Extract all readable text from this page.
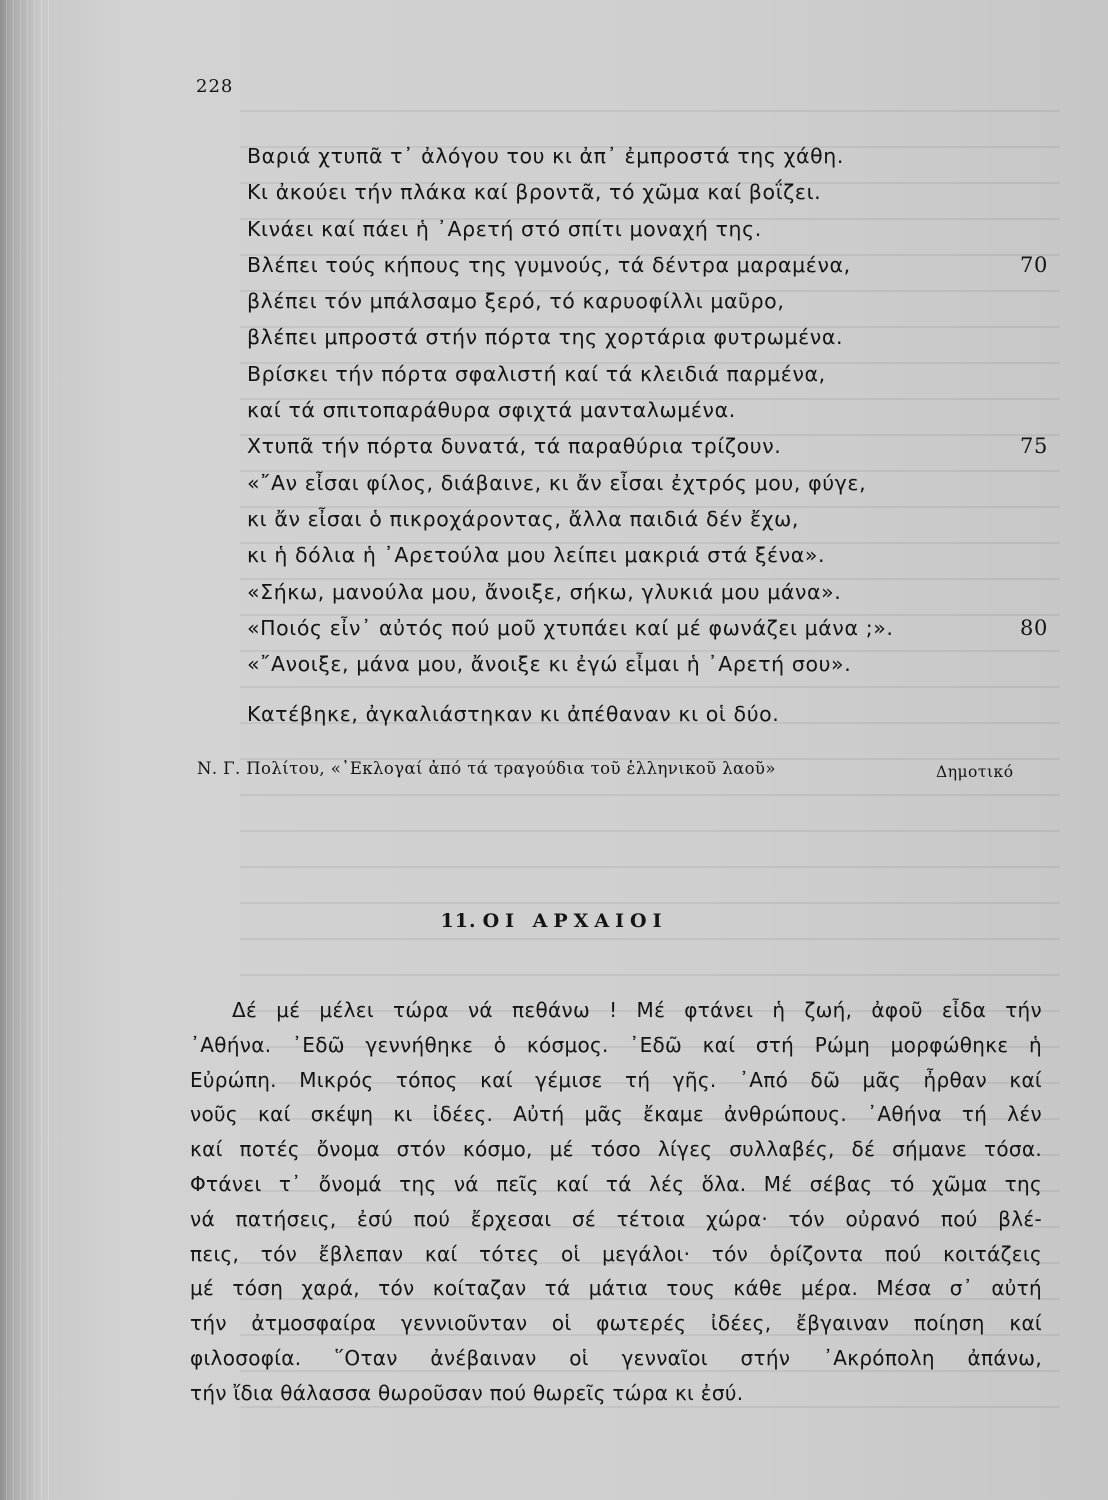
228
Βαριά χτυπᾶ τ᾽ ἀλόγου του κι ἀπ᾽ ἐμπροστά της χάθη.
Κι ἀκούει τήν πλάκα καί βροντᾶ, τό χῶμα καί βοΐζει.
Κινάει καί πάει ἡ ᾽Αρετή στό σπίτι μοναχή της.
Βλέπει τούς κήπους της γυμνούς, τά δέντρα μαραμένα,	70
βλέπει τόν μπάλσαμο ξερό, τό καρυοφίλλι μαῦρο,
βλέπει μπροστά στήν πόρτα της χορτάρια φυτρωμένα.
Βρίσκει τήν πόρτα σφαλιστή καί τά κλειδιά παρμένα,
καί τά σπιτοπαράθυρα σφιχτά μανταλωμένα.
Χτυπᾶ τήν πόρτα δυνατά, τά παραθύρια τρίζουν.	75
«῎Αν εἶσαι φίλος, διάβαινε, κι ἄν εἶσαι ἐχτρός μου, φύγε,
κι ἄν εἶσαι ὁ πικροχάροντας, ἄλλα παιδιά δέν ἔχω,
κι ἡ δόλια ἡ ᾽Αρετούλα μου λείπει μακριά στά ξένα».
«Σήκω, μανούλα μου, ἄνοιξε, σήκω, γλυκιά μου μάνα».
«Ποιός εἶν᾽ αὐτός πού μοῦ χτυπάει καί μέ φωνάζει μάνα ;».	80
«῎Ανοιξε, μάνα μου, ἄνοιξε κι ἐγώ εἶμαι ἡ ᾽Αρετή σου».
Κατέβηκε, ἀγκαλιάστηκαν κι ἀπέθαναν κι οἱ δύο.
Ν. Γ. Πολίτου, «᾽Εκλογαί ἀπό τά τραγούδια τοῦ ἑλληνικοῦ λαοῦ»	Δημοτικό
11. ΟΙ ΑΡΧΑΙΟΙ
Δέ μέ μέλει τώρα νά πεθάνω ! Μέ φτάνει ἡ ζωή, ἀφοῦ εἶδα τήν
᾽Αθήνα. ᾽Εδῶ γεννήθηκε ὁ κόσμος. ᾽Εδῶ καί στή Ρώμη μορφώθηκε ἡ
Εὐρώπη. Μικρός τόπος καί γέμισε τή γῆς. ᾽Από δῶ μᾶς ἦρθαν καί
νοῦς καί σκέψη κι ἰδέες. Αὐτή μᾶς ἔκαμε ἀνθρώπους. ᾽Αθήνα τή λέν
καί ποτές ὄνομα στόν κόσμο, μέ τόσο λίγες συλλαβές, δέ σήμανε τόσα.
Φτάνει τ᾽ ὄνομά της νά πεῖς καί τά λές ὅλα. Μέ σέβας τό χῶμα της
νά πατήσεις, ἐσύ πού ἔρχεσαι σέ τέτοια χώρα· τόν οὐρανό πού βλέ-
πεις, τόν ἔβλεπαν καί τότες οἱ μεγάλοι· τόν ὁρίζοντα πού κοιτάζεις
μέ τόση χαρά, τόν κοίταζαν τά μάτια τους κάθε μέρα. Μέσα σ᾽ αὐτή
τήν ἀτμοσφαίρα γεννιοῦνταν οἱ φωτερές ἰδέες, ἔβγαιναν ποίηση καί
φιλοσοφία. ῞Οταν ἀνέβαιναν οἱ γενναῖοι στήν ᾽Ακρόπολη ἀπάνω,
τήν ἴδια θάλασσα θωροῦσαν πού θωρεῖς τώρα κι ἐσύ.
